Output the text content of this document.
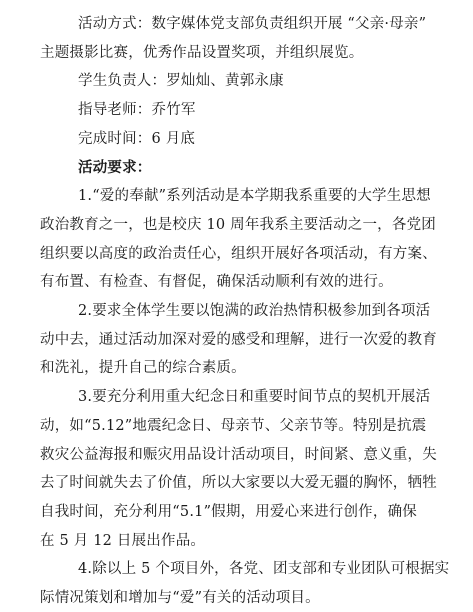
活动方式：数字媒体党支部负责组织开展 “父亲·母亲”
主题摄影比赛，优秀作品设置奖项，并组织展览。
学生负责人：罗灿灿、黄郭永康
指导老师：乔竹军
完成时间：6 月底
活动要求：
1.“爱的奉献”系列活动是本学期我系重要的大学生思想
政治教育之一，也是校庆 10 周年我系主要活动之一，各党团
组织要以高度的政治责任心，组织开展好各项活动，有方案、
有布置、有检查、有督促，确保活动顺利有效的进行。
2.要求全体学生要以饱满的政治热情积极参加到各项活
动中去，通过活动加深对爱的感受和理解，进行一次爱的教育
和洗礼，提升自己的综合素质。
3.要充分利用重大纪念日和重要时间节点的契机开展活
动，如“5.12”地震纪念日、母亲节、父亲节等。特别是抗震
救灾公益海报和赈灾用品设计活动项目，时间紧、意义重，失
去了时间就失去了价值，所以大家要以大爱无疆的胸怀，牺牲
自我时间，充分利用“5.1”假期，用爱心来进行创作，确保
在 5 月 12 日展出作品。
4.除以上 5 个项目外，各党、团支部和专业团队可根据实
际情况策划和增加与“爱”有关的活动项目。
